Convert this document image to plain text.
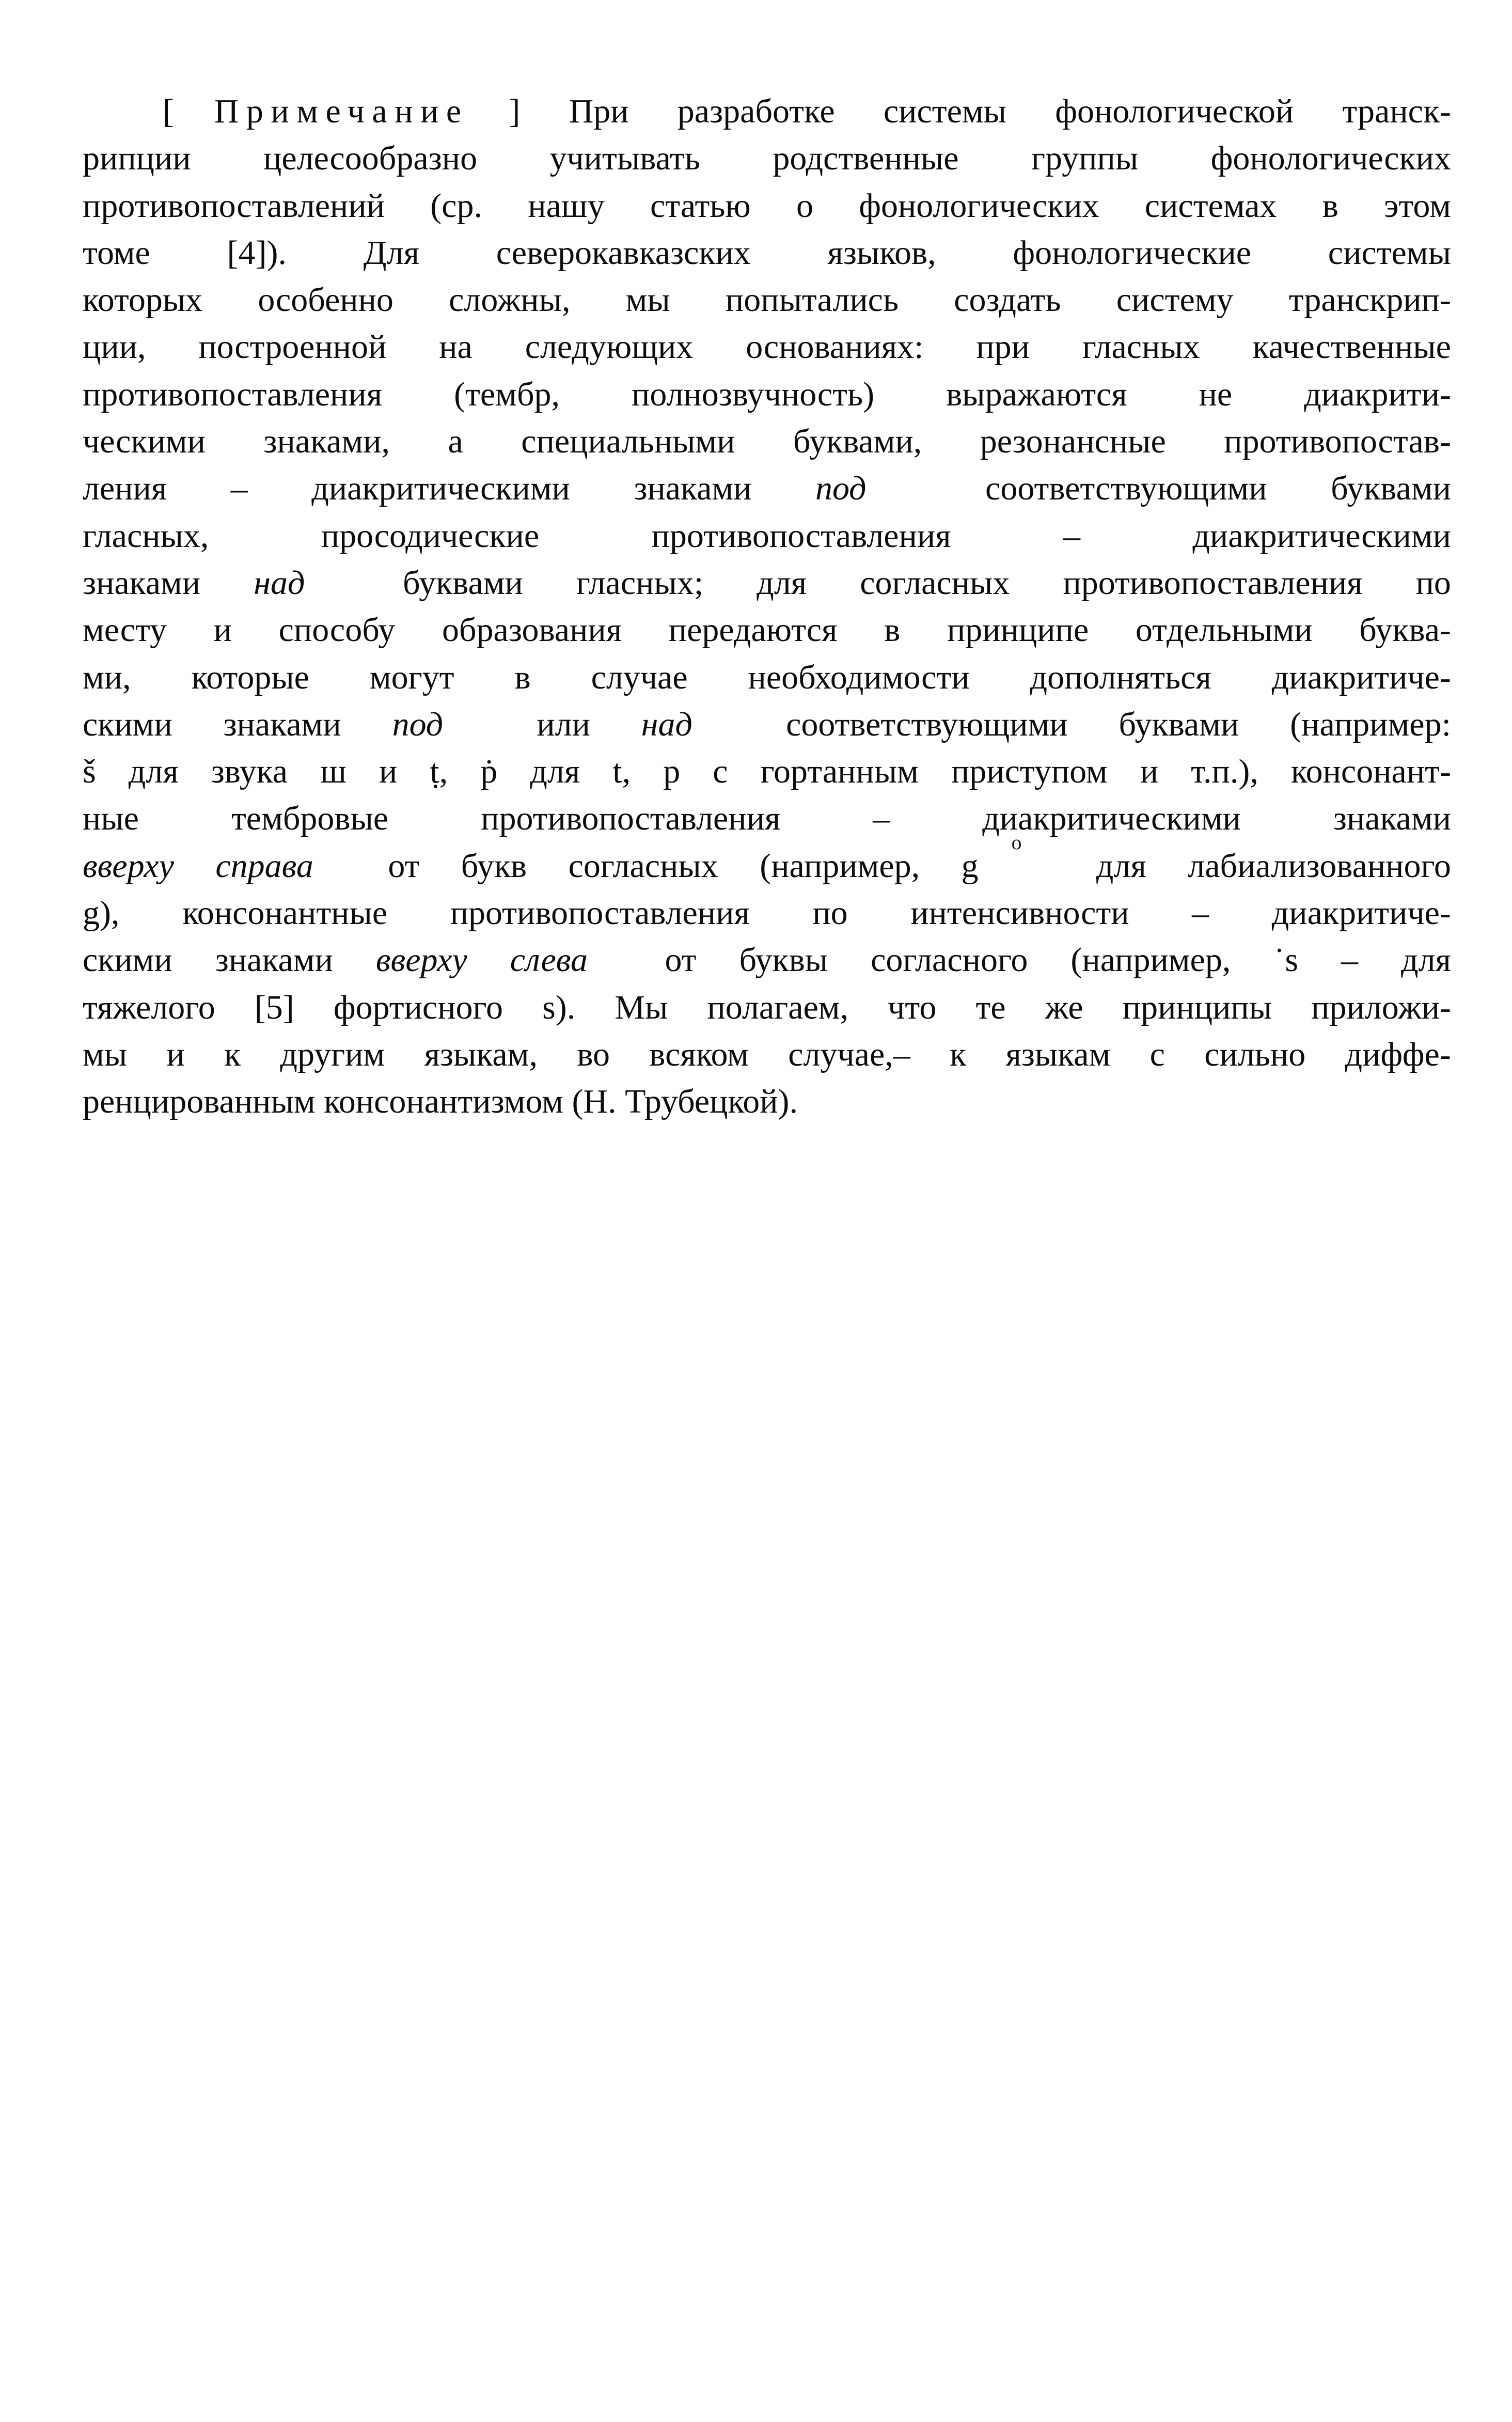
[ Примечание ] При разработке системы фонологической транск-
рипции целесообразно учитывать родственные группы фонологических
противопоставлений (ср. нашу статью о фонологических системах в этом
томе [4]). Для северокавказских языков, фонологические системы
которых особенно сложны, мы попытались создать систему транскрип-
ции, построенной на следующих основаниях: при гласных качественные
противопоставления (тембр, полнозвучность) выражаются не диакрити-
ческими знаками, а специальными буквами, резонансные противопостав-
ления – диакритическими знаками под
	соответствующими буквами
гласных,	просодические	противопоставления	–	диакритическими
знаками над
	буквами гласных; для согласных противопоставления по
месту и способу образования передаются в принципе отдельными буква-
ми, которые могут в случае необходимости дополняться диакритиче-
скими знаками под
	или над
	соответствующими буквами (например:
š для звука ш и ṭ, ṗ для t, p с гортанным приступом и т.п.), консонант-
ные тембровые противопоставления – диакритическими знаками
вверху справа
от букв согласных (например, g
o

для лабиализованного
g), консонантные противопоставления по интенсивности – диакритиче-
скими знаками вверху слева
от буквы согласного (например, ˙s – для
тяжелого [5] фортисного s). Мы полагаем, что те же принципы приложи-
мы и к другим языкам, во всяком случае,– к языкам с сильно диффе-
ренцированным консонантизмом (Н. Трубецкой).
